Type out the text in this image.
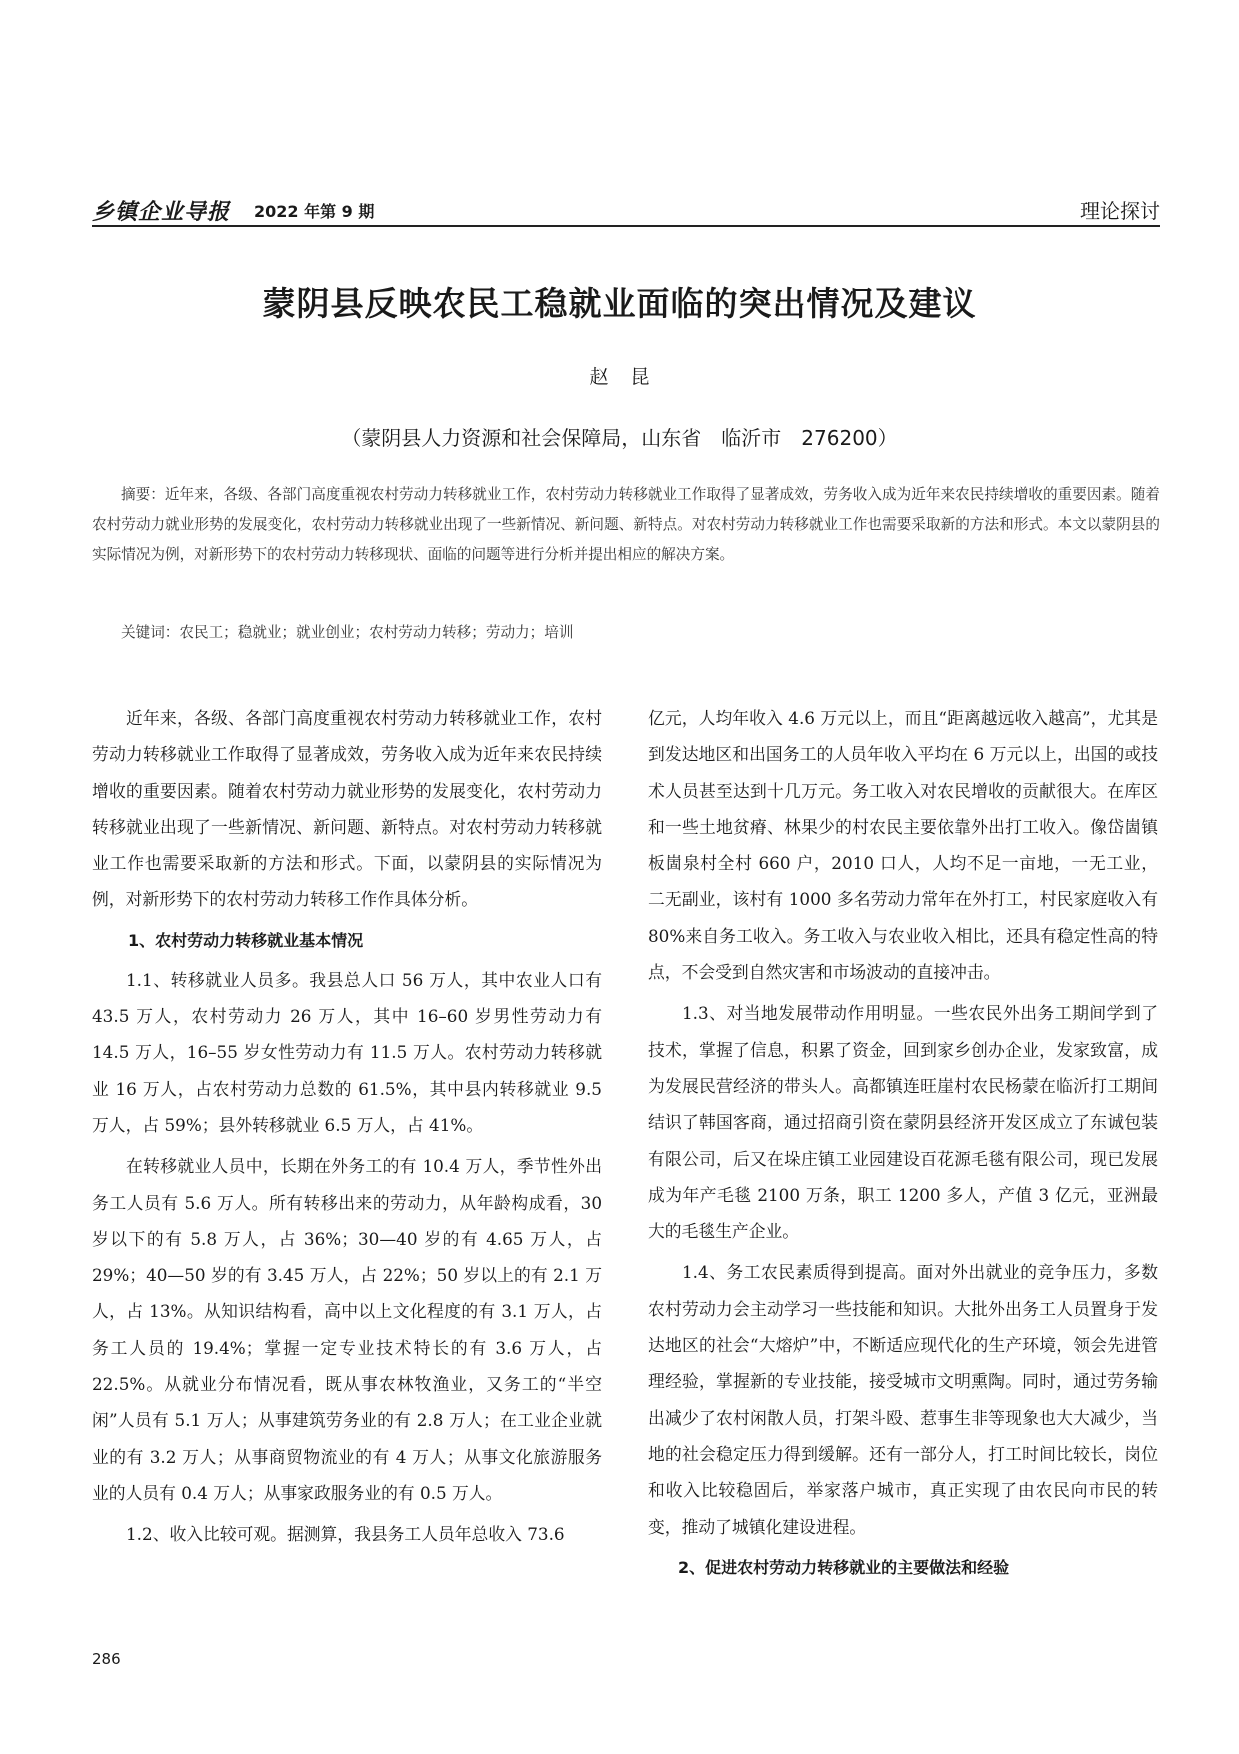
乡镇企业导报 2022 年第 9 期	理论探讨
蒙阴县反映农民工稳就业面临的突出情况及建议
赵昆
（蒙阴县人力资源和社会保障局，山东省　临沂市　276200）
摘要：近年来，各级、各部门高度重视农村劳动力转移就业工作，农村劳动力转移就业工作取得了显著成效，劳务收入成为近年来农民持续增收的重要因素。随着农村劳动力就业形势的发展变化，农村劳动力转移就业出现了一些新情况、新问题、新特点。对农村劳动力转移就业工作也需要采取新的方法和形式。本文以蒙阴县的实际情况为例，对新形势下的农村劳动力转移现状、面临的问题等进行分析并提出相应的解决方案。
关键词：农民工；稳就业；就业创业；农村劳动力转移；劳动力；培训

近年来，各级、各部门高度重视农村劳动力转移就业工作，农村劳动力转移就业工作取得了显著成效，劳务收入成为近年来农民持续增收的重要因素。随着农村劳动力就业形势的发展变化，农村劳动力转移就业出现了一些新情况、新问题、新特点。对农村劳动力转移就业工作也需要采取新的方法和形式。下面，以蒙阴县的实际情况为例，对新形势下的农村劳动力转移工作作具体分析。

1、农村劳动力转移就业基本情况

1.1、转移就业人员多。我县总人口 56 万人，其中农业人口有 43.5 万人，农村劳动力 26 万人，其中 16–60 岁男性劳动力有 14.5 万人，16–55 岁女性劳动力有 11.5 万人。农村劳动力转移就业 16 万人，占农村劳动力总数的 61.5%，其中县内转移就业 9.5 万人，占 59%；县外转移就业 6.5 万人，占 41%。

在转移就业人员中，长期在外务工的有 10.4 万人，季节性外出务工人员有 5.6 万人。所有转移出来的劳动力，从年龄构成看，30 岁以下的有 5.8 万人，占 36%；30—40 岁的有 4.65 万人，占 29%；40—50 岁的有 3.45 万人，占 22%；50 岁以上的有 2.1 万人，占 13%。从知识结构看，高中以上文化程度的有 3.1 万人，占务工人员的 19.4%；掌握一定专业技术特长的有 3.6 万人，占 22.5%。从就业分布情况看，既从事农林牧渔业，又务工的“半空闲”人员有 5.1 万人；从事建筑劳务业的有 2.8 万人；在工业企业就业的有 3.2 万人；从事商贸物流业的有 4 万人；从事文化旅游服务业的人员有 0.4 万人；从事家政服务业的有 0.5 万人。

1.2、收入比较可观。据测算，我县务工人员年总收入 73.6

亿元，人均年收入 4.6 万元以上，而且“距离越远收入越高”，尤其是到发达地区和出国务工的人员年收入平均在 6 万元以上，出国的或技术人员甚至达到十几万元。务工收入对农民增收的贡献很大。在库区和一些土地贫瘠、林果少的村农民主要依靠外出打工收入。像岱崮镇板崮泉村全村 660 户，2010 口人，人均不足一亩地，一无工业，二无副业，该村有 1000 多名劳动力常年在外打工，村民家庭收入有 80%来自务工收入。务工收入与农业收入相比，还具有稳定性高的特点，不会受到自然灾害和市场波动的直接冲击。

1.3、对当地发展带动作用明显。一些农民外出务工期间学到了技术，掌握了信息，积累了资金，回到家乡创办企业，发家致富，成为发展民营经济的带头人。高都镇连旺崖村农民杨蒙在临沂打工期间结识了韩国客商，通过招商引资在蒙阴县经济开发区成立了东诚包装有限公司，后又在垛庄镇工业园建设百花源毛毯有限公司，现已发展成为年产毛毯 2100 万条，职工 1200 多人，产值 3 亿元，亚洲最大的毛毯生产企业。

1.4、务工农民素质得到提高。面对外出就业的竞争压力，多数农村劳动力会主动学习一些技能和知识。大批外出务工人员置身于发达地区的社会“大熔炉”中，不断适应现代化的生产环境，领会先进管理经验，掌握新的专业技能，接受城市文明熏陶。同时，通过劳务输出减少了农村闲散人员，打架斗殴、惹事生非等现象也大大减少，当地的社会稳定压力得到缓解。还有一部分人，打工时间比较长，岗位和收入比较稳固后，举家落户城市，真正实现了由农民向市民的转变，推动了城镇化建设进程。

2、促进农村劳动力转移就业的主要做法和经验
286
